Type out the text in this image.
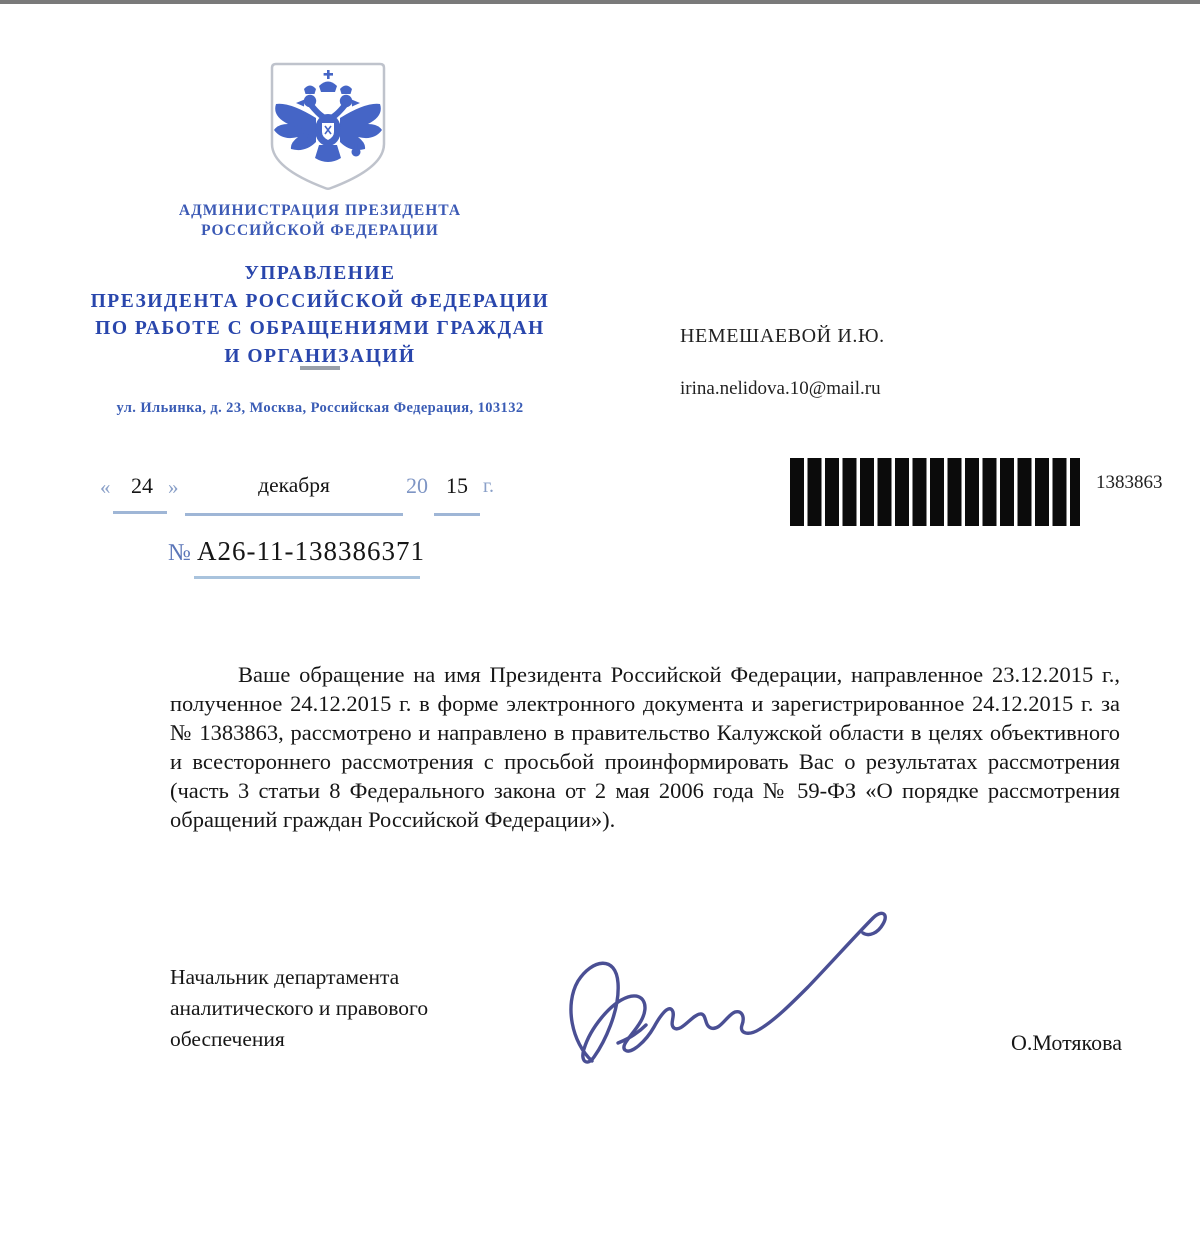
АДМИНИСТРАЦИЯ ПРЕЗИДЕНТА
РОССИЙСКОЙ ФЕДЕРАЦИИ
УПРАВЛЕНИЕ
ПРЕЗИДЕНТА РОССИЙСКОЙ ФЕДЕРАЦИИ
ПО РАБОТЕ С ОБРАЩЕНИЯМИ ГРАЖДАН
И ОРГАНИЗАЦИЙ
ул. Ильинка, д. 23, Москва, Российская Федерация, 103132
НЕМЕШАЕВОЙ И.Ю.
irina.nelidova.10@mail.ru
« 24 »	декабря	20 15 г.	1383863
№ А26-11-138386371
Ваше обращение на имя Президента Российской Федерации, направленное 23.12.2015 г., полученное 24.12.2015 г. в форме электронного документа и зарегистрированное 24.12.2015 г. за № 1383863, рассмотрено и направлено в правительство Калужской области в целях объективного и всестороннего рассмотрения с просьбой проинформировать Вас о результатах рассмотрения (часть 3 статьи 8 Федерального закона от 2 мая 2006 года № 59-ФЗ «О порядке рассмотрения обращений граждан Российской Федерации»).
Начальник департамента
аналитического и правового
обеспечения	О.Мотякова
